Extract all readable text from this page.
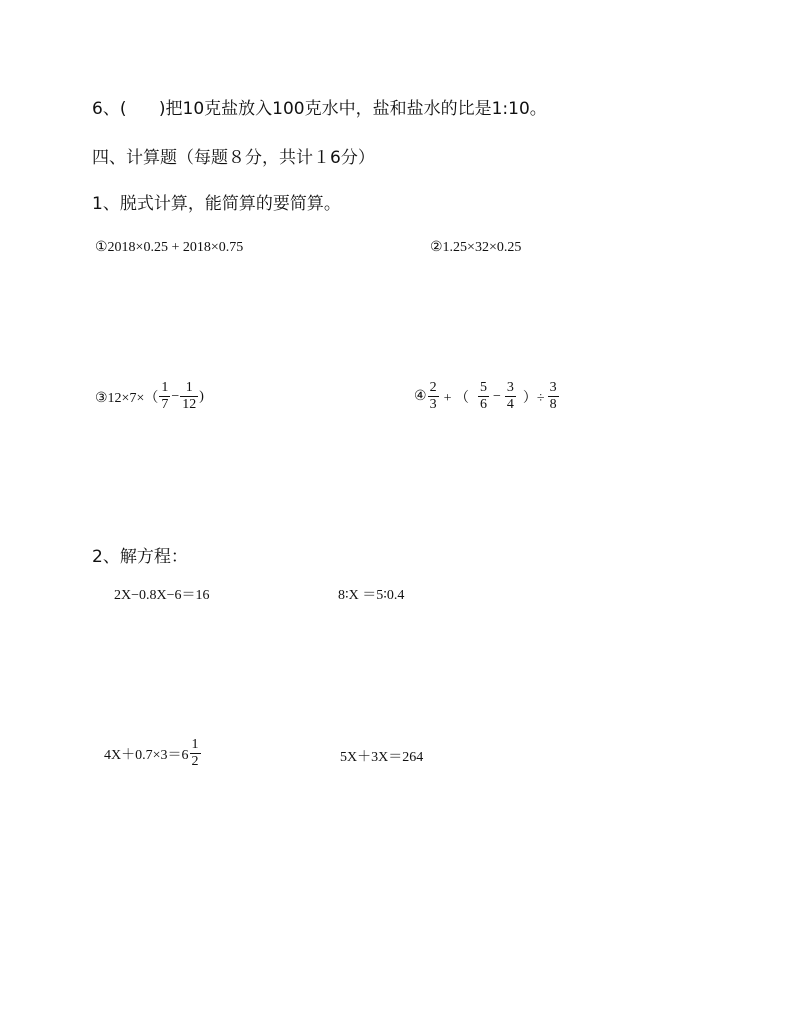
6、( )把10克盐放入100克水中，盐和盐水的比是1:10。
四、计算题（每题８分，共计１6分）
1、脱式计算，能简算的要简算。
①2018×0.25 + 2018×0.75	②1.25×32×0.25
③12×7×（ $\frac{1}{7} - \frac{1}{12}$ )	④ $\frac{2}{3}$ + （ $\frac{5}{6} - \frac{3}{4}$ ）÷ $\frac{3}{8}$
2、解方程：
2X−0.8X−6＝16	8∶X ＝5∶0.4
$4X+0.7\times 3=6 \frac{1}{2}$	5X＋3X＝264
